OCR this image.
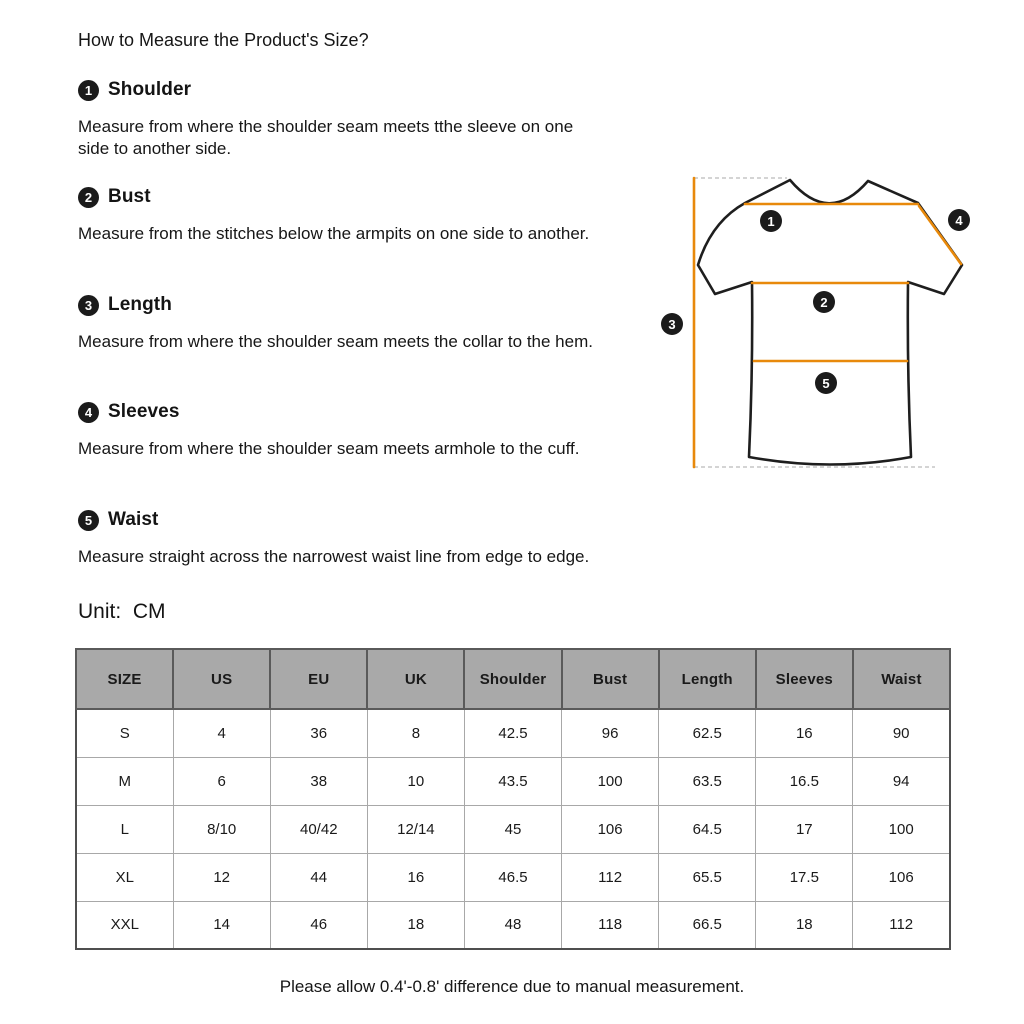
How to Measure the Product's Size?
1 Shoulder
Measure from where the shoulder seam meets tthe sleeve on one side to another side.
2 Bust
Measure from the stitches below the armpits on one side to another.
3 Length
Measure from where the shoulder seam meets the collar to the hem.
4 Sleeves
Measure from where the shoulder seam meets armhole to the cuff.
5 Waist
Measure straight across the narrowest waist line from edge to edge.
1
2
3
4
5
Unit:  CM
SIZE	US	EU	UK	Shoulder	Bust	Length	Sleeves	Waist
S	4	36	8	42.5	96	62.5	16	90
M	6	38	10	43.5	100	63.5	16.5	94
L	8/10	40/42	12/14	45	106	64.5	17	100
XL	12	44	16	46.5	112	65.5	17.5	106
XXL	14	46	18	48	118	66.5	18	112
Please allow 0.4'-0.8' difference due to manual measurement.
